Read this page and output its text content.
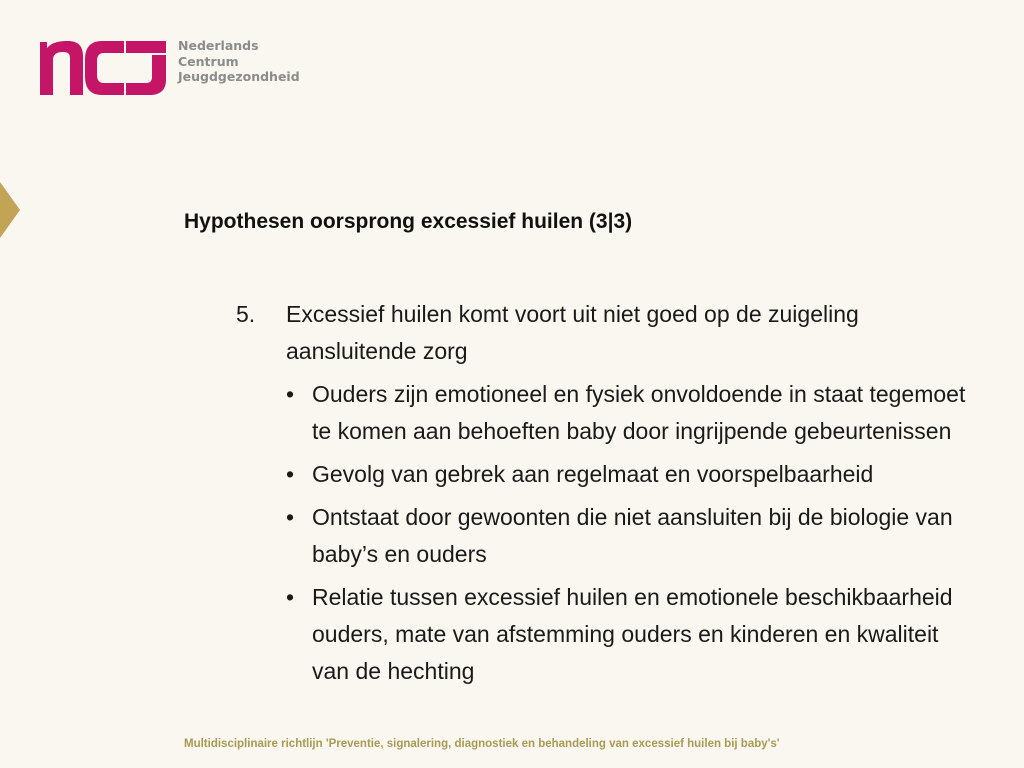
Nederlands
Centrum
Jeugdgezondheid
Hypothesen oorsprong excessief huilen (3|3)
5.	Excessief huilen komt voort uit niet goed op de zuigeling aansluitende zorg
• Ouders zijn emotioneel en fysiek onvoldoende in staat tegemoet te komen aan behoeften baby door ingrijpende gebeurtenissen
• Gevolg van gebrek aan regelmaat en voorspelbaarheid
• Ontstaat door gewoonten die niet aansluiten bij de biologie van baby’s en ouders
• Relatie tussen excessief huilen en emotionele beschikbaarheid ouders, mate van afstemming ouders en kinderen en kwaliteit van de hechting
Multidisciplinaire richtlijn 'Preventie, signalering, diagnostiek en behandeling van excessief huilen bij baby's'
